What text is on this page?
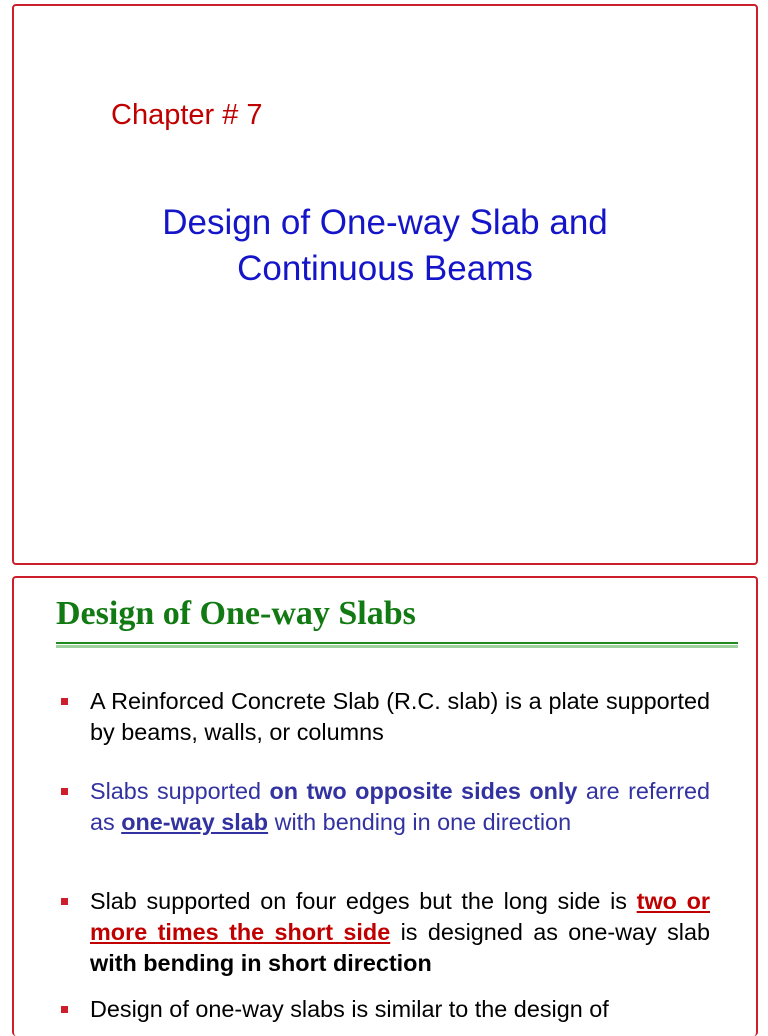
Chapter # 7
Design of One-way Slab and
Continuous Beams
Design of One-way Slabs
A Reinforced Concrete Slab (R.C. slab) is a plate supported by beams, walls, or columns
Slabs supported on two opposite sides only are referred as one-way slab with bending in one direction
Slab supported on four edges but the long side is two or more times the short side is designed as one-way slab with bending in short direction
Design of one-way slabs is similar to the design of
